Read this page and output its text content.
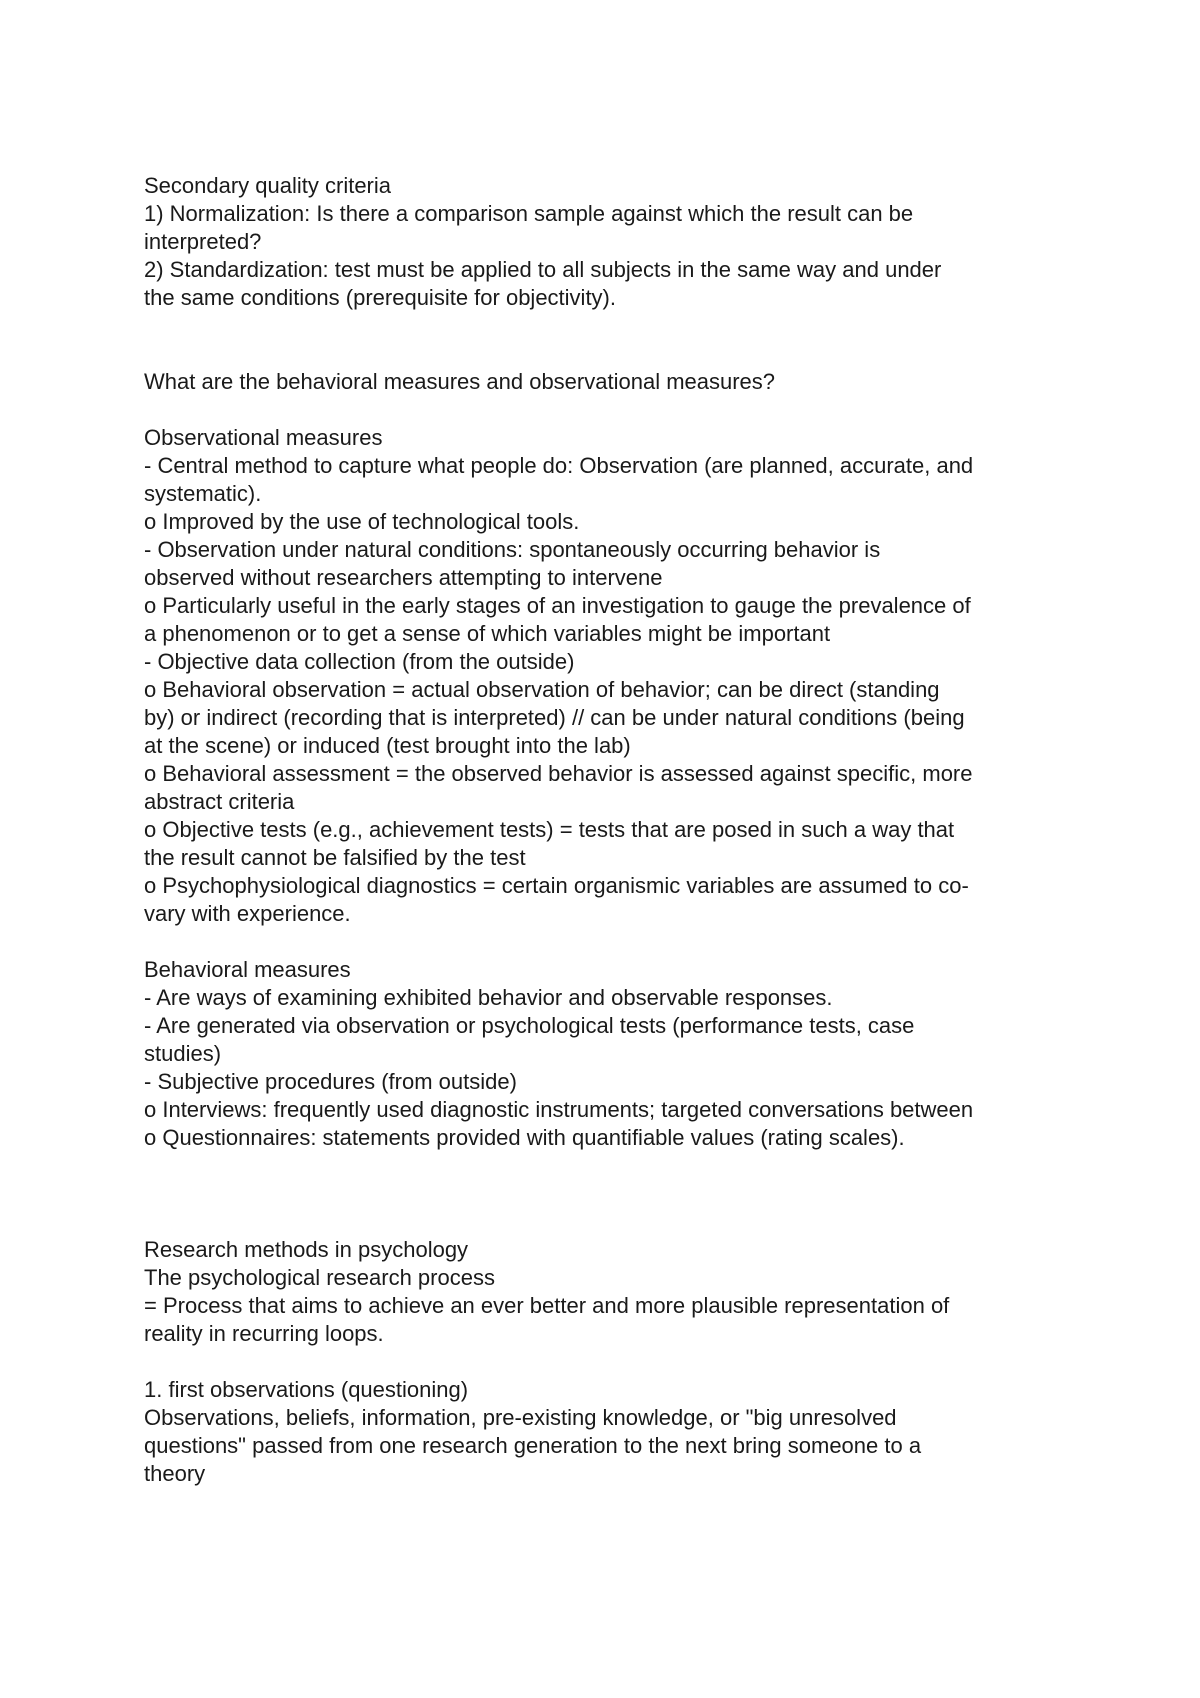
Secondary quality criteria
1) Normalization: Is there a comparison sample against which the result can be
interpreted?
2) Standardization: test must be applied to all subjects in the same way and under
the same conditions (prerequisite for objectivity).
What are the behavioral measures and observational measures?
Observational measures
- Central method to capture what people do: Observation (are planned, accurate, and
systematic).
o Improved by the use of technological tools.
- Observation under natural conditions: spontaneously occurring behavior is
observed without researchers attempting to intervene
o Particularly useful in the early stages of an investigation to gauge the prevalence of
a phenomenon or to get a sense of which variables might be important
- Objective data collection (from the outside)
o Behavioral observation = actual observation of behavior; can be direct (standing
by) or indirect (recording that is interpreted) // can be under natural conditions (being
at the scene) or induced (test brought into the lab)
o Behavioral assessment = the observed behavior is assessed against specific, more
abstract criteria
o Objective tests (e.g., achievement tests) = tests that are posed in such a way that
the result cannot be falsified by the test
o Psychophysiological diagnostics = certain organismic variables are assumed to co-
vary with experience.
Behavioral measures
- Are ways of examining exhibited behavior and observable responses.
- Are generated via observation or psychological tests (performance tests, case
studies)
- Subjective procedures (from outside)
o Interviews: frequently used diagnostic instruments; targeted conversations between
o Questionnaires: statements provided with quantifiable values (rating scales).
Research methods in psychology
The psychological research process
= Process that aims to achieve an ever better and more plausible representation of
reality in recurring loops.
1. first observations (questioning)
Observations, beliefs, information, pre-existing knowledge, or "big unresolved
questions" passed from one research generation to the next bring someone to a
theory
